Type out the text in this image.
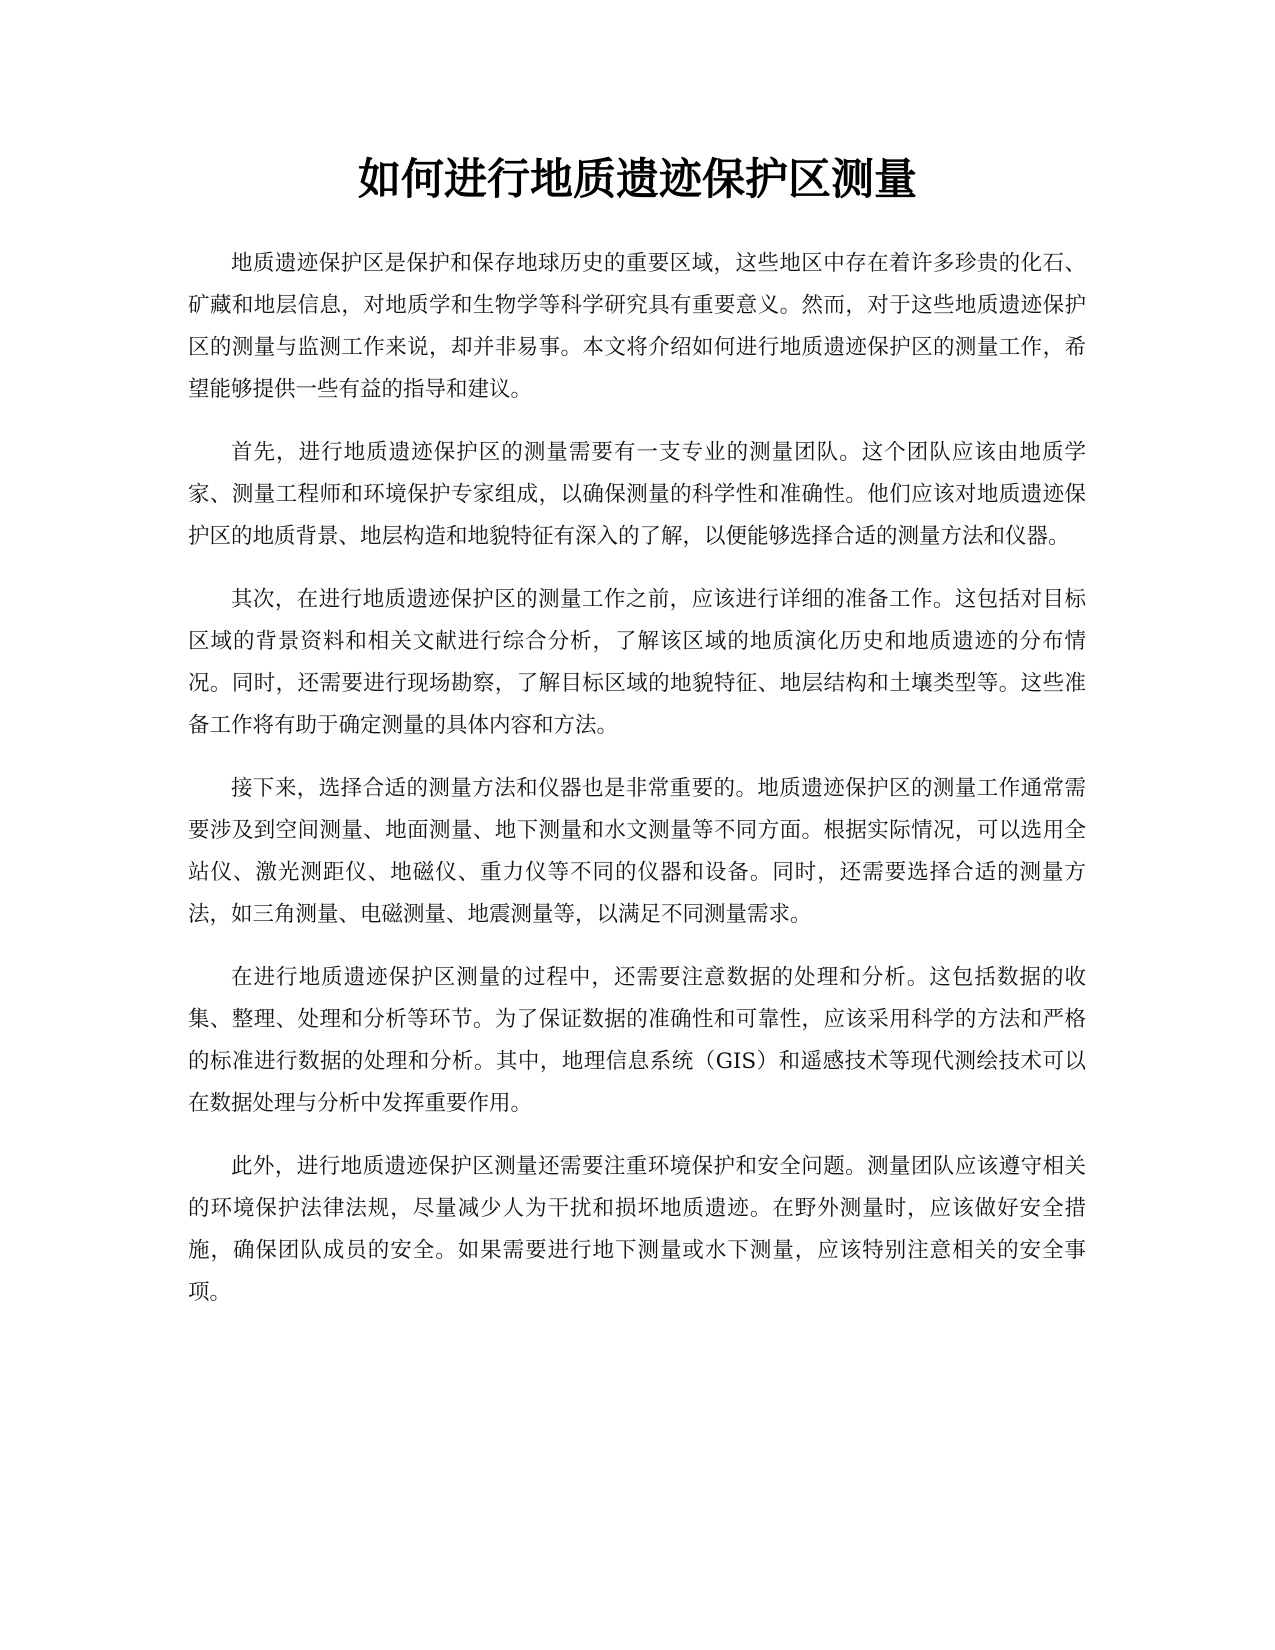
如何进行地质遗迹保护区测量

地质遗迹保护区是保护和保存地球历史的重要区域，这些地区中存在着许多珍贵的化石、矿藏和地层信息，对地质学和生物学等科学研究具有重要意义。然而，对于这些地质遗迹保护区的测量与监测工作来说，却并非易事。本文将介绍如何进行地质遗迹保护区的测量工作，希望能够提供一些有益的指导和建议。

首先，进行地质遗迹保护区的测量需要有一支专业的测量团队。这个团队应该由地质学家、测量工程师和环境保护专家组成，以确保测量的科学性和准确性。他们应该对地质遗迹保护区的地质背景、地层构造和地貌特征有深入的了解，以便能够选择合适的测量方法和仪器。

其次，在进行地质遗迹保护区的测量工作之前，应该进行详细的准备工作。这包括对目标区域的背景资料和相关文献进行综合分析，了解该区域的地质演化历史和地质遗迹的分布情况。同时，还需要进行现场勘察，了解目标区域的地貌特征、地层结构和土壤类型等。这些准备工作将有助于确定测量的具体内容和方法。

接下来，选择合适的测量方法和仪器也是非常重要的。地质遗迹保护区的测量工作通常需要涉及到空间测量、地面测量、地下测量和水文测量等不同方面。根据实际情况，可以选用全站仪、激光测距仪、地磁仪、重力仪等不同的仪器和设备。同时，还需要选择合适的测量方法，如三角测量、电磁测量、地震测量等，以满足不同测量需求。

在进行地质遗迹保护区测量的过程中，还需要注意数据的处理和分析。这包括数据的收集、整理、处理和分析等环节。为了保证数据的准确性和可靠性，应该采用科学的方法和严格的标准进行数据的处理和分析。其中，地理信息系统（GIS）和遥感技术等现代测绘技术可以在数据处理与分析中发挥重要作用。

此外，进行地质遗迹保护区测量还需要注重环境保护和安全问题。测量团队应该遵守相关的环境保护法律法规，尽量减少人为干扰和损坏地质遗迹。在野外测量时，应该做好安全措施，确保团队成员的安全。如果需要进行地下测量或水下测量，应该特别注意相关的安全事项。
